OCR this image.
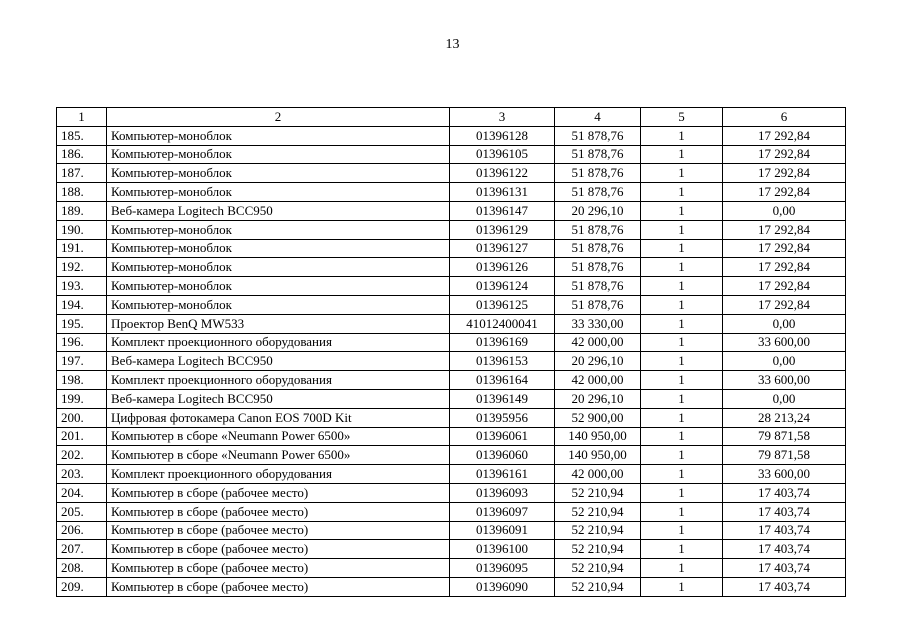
13
1	2	3	4	5	6
185.	Компьютер-моноблок	01396128	51 878,76	1	17 292,84
186.	Компьютер-моноблок	01396105	51 878,76	1	17 292,84
187.	Компьютер-моноблок	01396122	51 878,76	1	17 292,84
188.	Компьютер-моноблок	01396131	51 878,76	1	17 292,84
189.	Веб-камера Logitech BCC950	01396147	20 296,10	1	0,00
190.	Компьютер-моноблок	01396129	51 878,76	1	17 292,84
191.	Компьютер-моноблок	01396127	51 878,76	1	17 292,84
192.	Компьютер-моноблок	01396126	51 878,76	1	17 292,84
193.	Компьютер-моноблок	01396124	51 878,76	1	17 292,84
194.	Компьютер-моноблок	01396125	51 878,76	1	17 292,84
195.	Проектор BenQ MW533	41012400041	33 330,00	1	0,00
196.	Комплект проекционного оборудования	01396169	42 000,00	1	33 600,00
197.	Веб-камера Logitech BCC950	01396153	20 296,10	1	0,00
198.	Комплект проекционного оборудования	01396164	42 000,00	1	33 600,00
199.	Веб-камера Logitech BCC950	01396149	20 296,10	1	0,00
200.	Цифровая фотокамера Canon EOS 700D Kit	01395956	52 900,00	1	28 213,24
201.	Компьютер в сборе «Neumann Power 6500»	01396061	140 950,00	1	79 871,58
202.	Компьютер в сборе «Neumann Power 6500»	01396060	140 950,00	1	79 871,58
203.	Комплект проекционного оборудования	01396161	42 000,00	1	33 600,00
204.	Компьютер в сборе (рабочее место)	01396093	52 210,94	1	17 403,74
205.	Компьютер в сборе (рабочее место)	01396097	52 210,94	1	17 403,74
206.	Компьютер в сборе (рабочее место)	01396091	52 210,94	1	17 403,74
207.	Компьютер в сборе (рабочее место)	01396100	52 210,94	1	17 403,74
208.	Компьютер в сборе (рабочее место)	01396095	52 210,94	1	17 403,74
209.	Компьютер в сборе (рабочее место)	01396090	52 210,94	1	17 403,74
